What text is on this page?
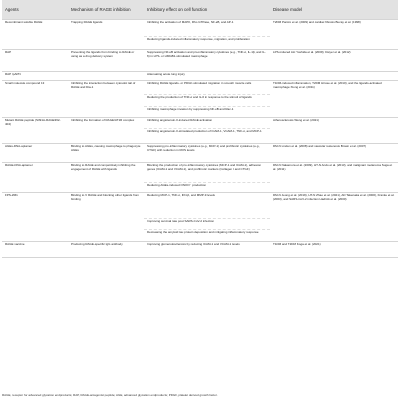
Agents	Mechanism of RAGE inhibition	Inhibitory effect on cell function	Disease model

Recombinant soluble RAGE	Trapping RAGE ligands	Inhibiting the activation of MAPK, Rho GTPase, NF-κB, and AP-1	T2DM Panizo et al. (2009) and cardiac fibrosis Bucay et al. (1998)

		Reducing ligands-induced inflammatory response, migration, and proliferation	

RAP	Preventing the ligands from binding to RAGE or using as a drug delivery system	Suppressing NF-κB activation and pro-inflammatory cytokines (e.g., TNF-α, IL-1β, and IL-6) in LPS- or HMGB1-stimulated macrophage	LPS-induced ALI Yoshida et al. (2009); Dwyer et al. (2012)

RAP /pAPN		Attenuating acute lung injury	

Small molecule compound 13	Inhibiting the interaction between cytosolic tail of RAGE and Dia-1	Inhibiting RAGE ligands- or PDGF-stimulated migration in smooth muscle cells	T1DM-induced inflammation, T2DM Hirose et al. (2010), and the ligands-activated macrophage Xiong et al. (2011)

		Reducing the production of TNF-α and IL-6 in response to the stimuli of ligands	

		Inhibiting macrophage invasion by suppressing NF-κB and Rac-1	

Mutant RAGE peptide (S391A-RAGE362-404)	Inhibiting the formation of RAGE/AT1R complex	Inhibiting angiotensin-II-induced RAGE activation	Atherosclerosis Weng et al. (2021)

		Inhibiting angiotensin-II-stimulated production of ICAM-1, VCAM-1, TNF-α, and MCP-1	

AGEs-DNA-aptamer	Binding to AGEs, causing macrophage to phagocyte AGEs	Suppressing pro-inflammatory cytokines (e.g., MCP-1) and profibrotic cytokines (e.g., CTGF) with reduction in ROS levels	DM-N Linden et al. (2008) and vascular restenosis Brown et al. (2007)

RAGE-DNA-aptamer	Binding to RAGE and competitively inhibiting the engagement of RAGE with ligands	Blocking the production of pro-inflammatory cytokines (MCP-1 and ICAM-1), adhesion genes (ICAM-1 and VCAM-1), and profibrotic markers (Collagen I and CTGF)	DM-N Nakamura et al. (2009), HT-N Ando et al. (2013), and malignant melanoma Suga et al. (2011)

		Reducing AGEs-induced ONOO⁻ production	

FPS-ZM1	Binding to V RAGE and blocking other ligands from binding	Reducing MCP-1, TNF-α, IFN-β, and MMP-9 levels	DM-N Jeong et al. (2019), HT-N Zhao et al. (2021), AD Takenaka et al. (2000), Franke et al. (2003), and SARS-CoV-2 infection Hadrick et al. (2000)

		Improving survival rate post SARS-CoV-2 infection	

		Decreasing the amyloid tau protein deposition and mitigating inflammatory response	

RAGE vaccine	Producing RAGE-specific IgG antibody	Improving glomerulosclerosis by reducing ICAM-1 and VCAM-1 levels	T1DM and T2DM Koga et al. (2021)
RAGE, receptor for advanced glycation endproducts; RAP, RAGE-antagonist peptide; AGE, advanced glycation endproducts; PDGF, platelet derived growth factor.
